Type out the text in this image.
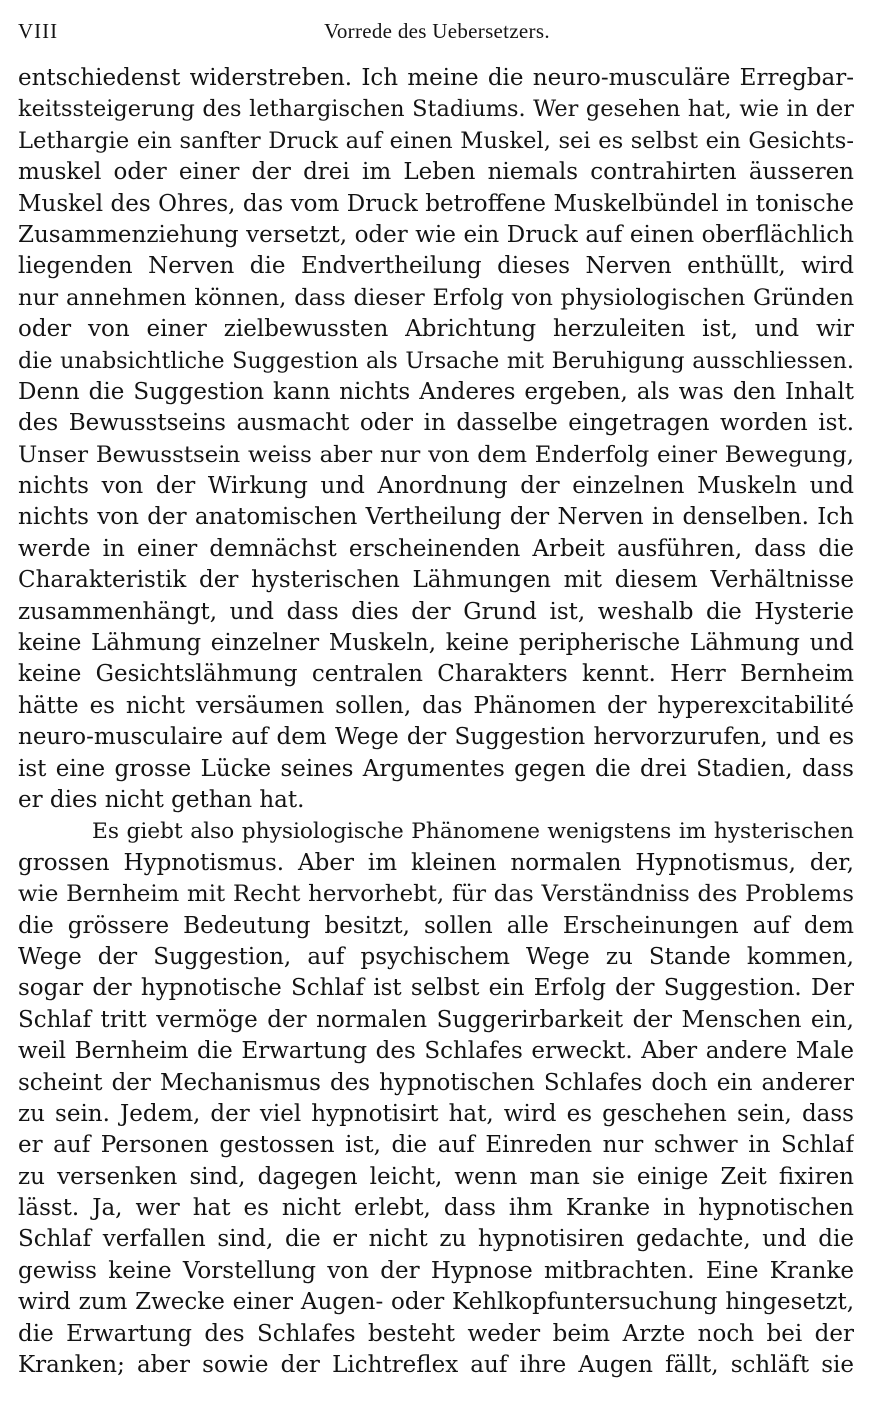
VIII	Vorrede des Uebersetzers.
entschiedenst widerstreben. Ich meine die neuro-musculäre Erregbar-
keitssteigerung des lethargischen Stadiums. Wer gesehen hat, wie in der
Lethargie ein sanfter Druck auf einen Muskel, sei es selbst ein Gesichts-
muskel oder einer der drei im Leben niemals contrahirten äusseren
Muskel des Ohres, das vom Druck betroffene Muskelbündel in tonische
Zusammenziehung versetzt, oder wie ein Druck auf einen oberflächlich
liegenden Nerven die Endvertheilung dieses Nerven enthüllt, wird
nur annehmen können, dass dieser Erfolg von physiologischen Gründen
oder von einer zielbewussten Abrichtung herzuleiten ist, und wir
die unabsichtliche Suggestion als Ursache mit Beruhigung ausschliessen.
Denn die Suggestion kann nichts Anderes ergeben, als was den Inhalt
des Bewusstseins ausmacht oder in dasselbe eingetragen worden ist.
Unser Bewusstsein weiss aber nur von dem Enderfolg einer Bewegung,
nichts von der Wirkung und Anordnung der einzelnen Muskeln und
nichts von der anatomischen Vertheilung der Nerven in denselben. Ich
werde in einer demnächst erscheinenden Arbeit ausführen, dass die
Charakteristik der hysterischen Lähmungen mit diesem Verhältnisse
zusammenhängt, und dass dies der Grund ist, weshalb die Hysterie
keine Lähmung einzelner Muskeln, keine peripherische Lähmung und
keine Gesichtslähmung centralen Charakters kennt. Herr Bernheim
hätte es nicht versäumen sollen, das Phänomen der hyperexcitabilité
neuro-musculaire auf dem Wege der Suggestion hervorzurufen, und es
ist eine grosse Lücke seines Argumentes gegen die drei Stadien, dass
er dies nicht gethan hat.
Es giebt also physiologische Phänomene wenigstens im hysterischen
grossen Hypnotismus. Aber im kleinen normalen Hypnotismus, der,
wie Bernheim mit Recht hervorhebt, für das Verständniss des Problems
die grössere Bedeutung besitzt, sollen alle Erscheinungen auf dem
Wege der Suggestion, auf psychischem Wege zu Stande kommen,
sogar der hypnotische Schlaf ist selbst ein Erfolg der Suggestion. Der
Schlaf tritt vermöge der normalen Suggerirbarkeit der Menschen ein,
weil Bernheim die Erwartung des Schlafes erweckt. Aber andere Male
scheint der Mechanismus des hypnotischen Schlafes doch ein anderer
zu sein. Jedem, der viel hypnotisirt hat, wird es geschehen sein, dass
er auf Personen gestossen ist, die auf Einreden nur schwer in Schlaf
zu versenken sind, dagegen leicht, wenn man sie einige Zeit fixiren
lässt. Ja, wer hat es nicht erlebt, dass ihm Kranke in hypnotischen
Schlaf verfallen sind, die er nicht zu hypnotisiren gedachte, und die
gewiss keine Vorstellung von der Hypnose mitbrachten. Eine Kranke
wird zum Zwecke einer Augen- oder Kehlkopfuntersuchung hingesetzt,
die Erwartung des Schlafes besteht weder beim Arzte noch bei der
Kranken; aber sowie der Lichtreflex auf ihre Augen fällt, schläft sie
